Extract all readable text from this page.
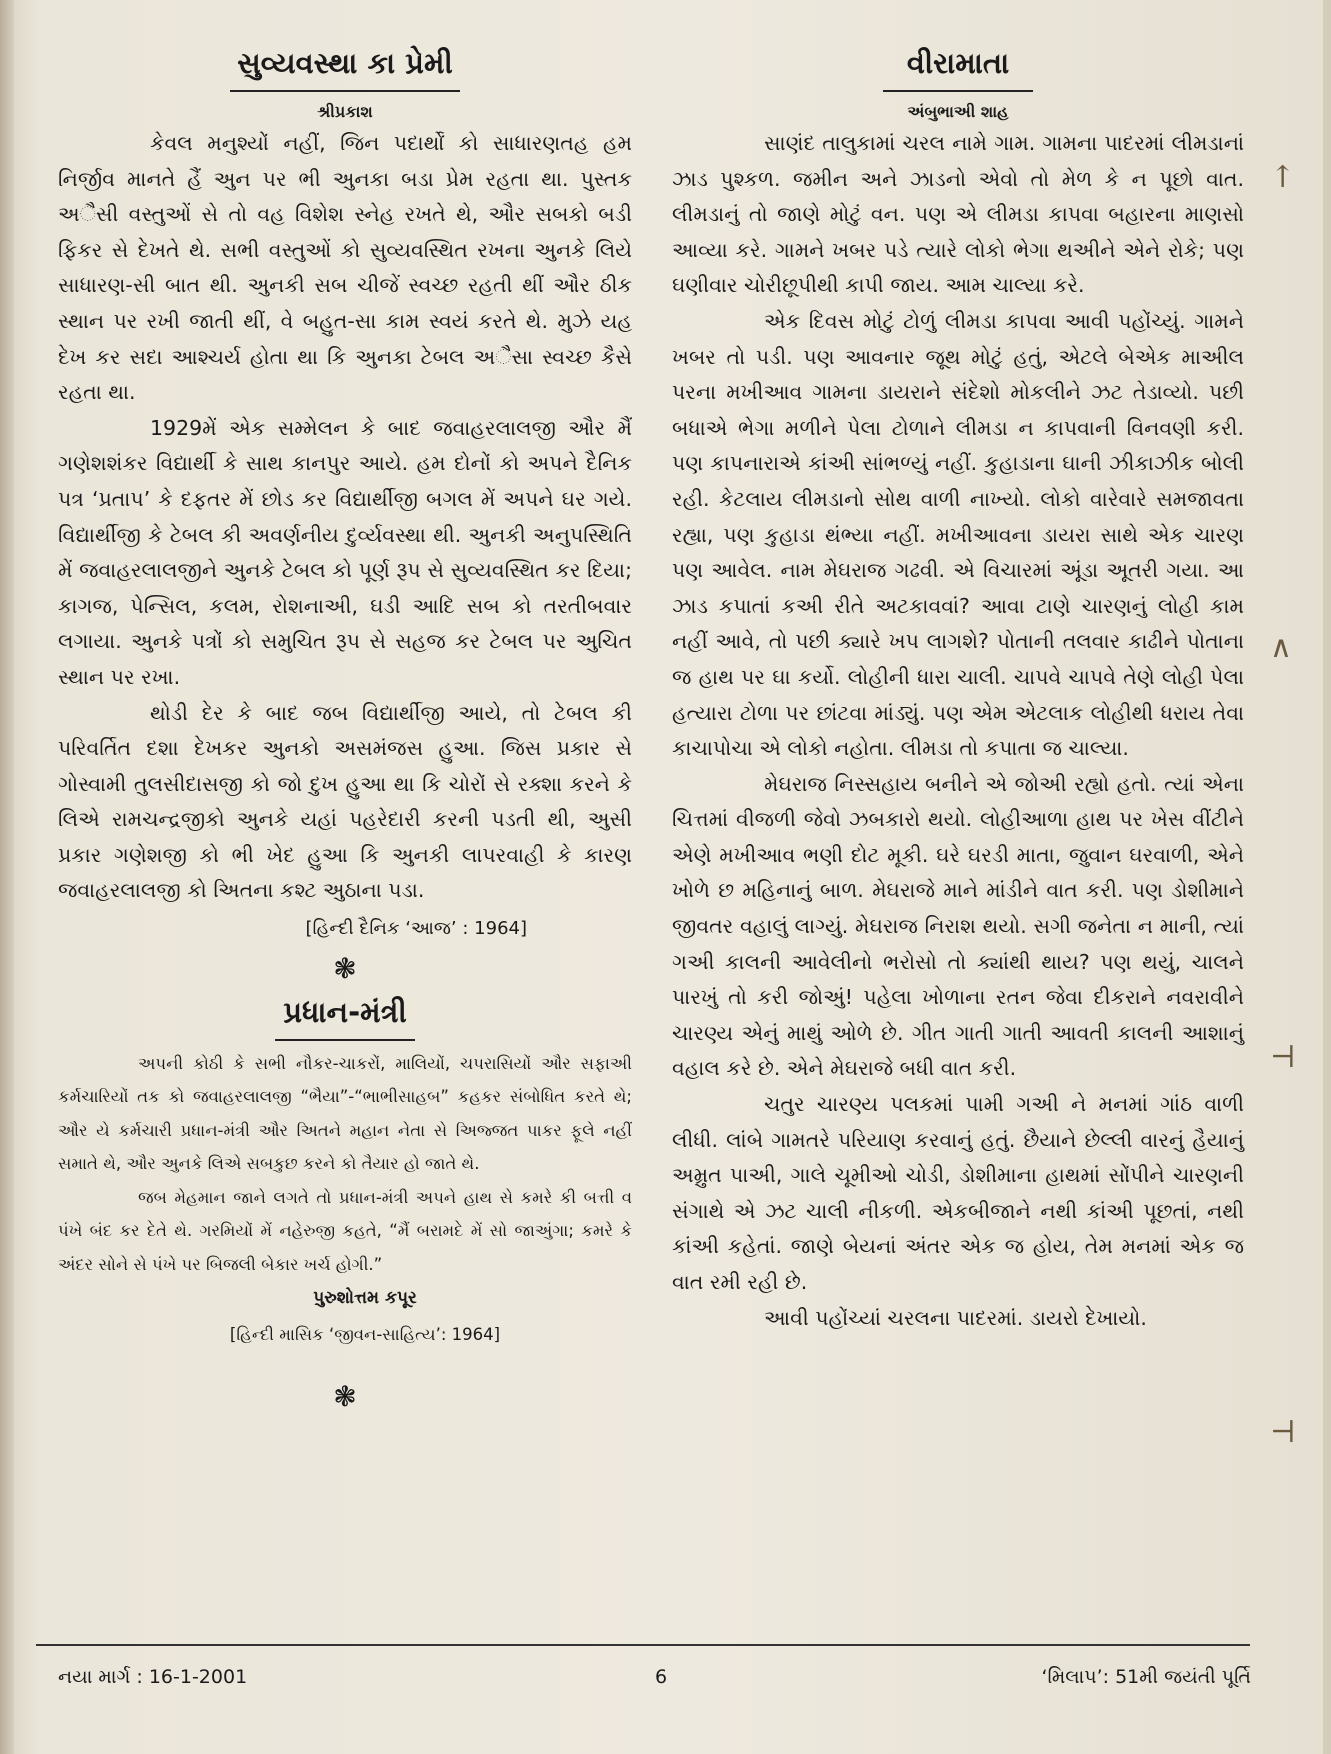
સુવ્યવસ્થા કા પ્રેમી

શ્રીપ્રકાશ

કેવલ મનુશ્યોં નહીં, જિન પદાર્થોં કો સાધારણતહ હમ નિર્જીવ માનતે હૈં અુન પર ભી અુનકા બડા પ્રેમ રહતા થા. પુસ્તક અૈસી વસ્તુઓં સે તો વહ વિશેશ સ્નેહ રખતે થે, ઔર સબકો બડી ફિકર સે દેખતે થે. સભી વસ્તુઓં કો સુવ્યવસ્થિત રખના અુનકે લિયે સાધારણ-સી બાત થી. અુનકી સબ ચીજેં સ્વચ્છ રહતી થીં ઔર ઠીક સ્થાન પર રખી જાતી થીં, વે બહુત-સા કામ સ્વયં કરતે થે. મુઝે યહ દેખ કર સદા આશ્ચર્ય હોતા થા કિ અુનકા ટેબલ અૈસા સ્વચ્છ કૈસે રહતા થા.

1929મેં એક સમ્મેલન કે બાદ જવાહરલાલજી ઔર મૈં ગણેશશંકર વિદ્યાર્થી કે સાથ કાનપુર આયે. હમ દોનોં કો અપને દૈનિક પત્ર ‘પ્રતાપ’ કે દફતર મેં છોડ કર વિદ્યાર્થીજી બગલ મેં અપને ઘર ગયે. વિદ્યાર્થીજી કે ટેબલ કી અવર્ણનીય દુર્વ્યવસ્થા થી. અુનકી અનુપસ્થિતિ મેં જવાહરલાલજીને અુનકે ટેબલ કો પૂર્ણ રૂપ સે સુવ્યવસ્થિત કર દિયા; કાગજ, પેન્સિલ, કલમ, રોશનાઅી, ઘડી આદિ સબ કો તરતીબવાર લગાયા. અુનકે પત્રોં કો સમુચિત રૂપ સે સહજ કર ટેબલ પર અુચિત સ્થાન પર રખા.

થોડી દેર કે બાદ જબ વિદ્યાર્થીજી આયે, તો ટેબલ કી પરિવર્તિત દશા દેખકર અુનકો અસમંજસ હુઆ. જિસ પ્રકાર સે ગોસ્વામી તુલસીદાસજી કો જો દુખ હુઆ થા કિ ચોરોં સે રક્શા કરને કે લિએ રામચન્દ્રજીકો અુનકે યહાં પહરેદારી કરની પડતી થી, અુસી પ્રકાર ગણેશજી કો ભી ખેદ હુઆ કિ અુનકી લાપરવાહી કે કારણ જવાહરલાલજી કો અિતના કશ્ટ અુઠાના પડા.

[હિન્દી દૈનિક ‘આજ’ : 1964]

❃

પ્રધાન-મંત્રી

અપની કોઠી કે સભી નૌકર-ચાકરોં, માલિયોં, ચપરાસિયોં ઔર સફાઅી કર્મચારિયોં તક કો જવાહરલાલજી “ભૈયા”-“ભાભીસાહબ” કહકર સંબોધિત કરતે થે; ઔર યે કર્મચારી પ્રધાન-મંત્રી ઔર અિતને મહાન નેતા સે અિજ્જત પાકર ફૂલે નહીં સમાતે થે, ઔર અુનકે લિએ સબકુછ કરને કો તૈયાર હો જાતે થે.

જબ મેહમાન જાને લગતે તો પ્રધાન-મંત્રી અપને હાથ સે કમરે કી બત્તી વ પંખે બંદ કર દેતે થે. ગરમિયોં મેં નહેરુજી કહતે, “મૈં બરામદે મેં સો જાઅુંગા; કમરે કે અંદર સોને સે પંખે પર બિજલી બેકાર ખર્ચ હોગી.”

પુરુશોત્તમ કપૂર

[હિન્દી માસિક ‘જીવન-સાહિત્ય’: 1964]

❃

વીરામાતા

અંબુભાઅી શાહ

સાણંદ તાલુકામાં ચરલ નામે ગામ. ગામના પાદરમાં લીમડાનાં ઝાડ પુશ્કળ. જમીન અને ઝાડનો એવો તો મેળ કે ન પૂછો વાત. લીમડાનું તો જાણે મોટું વન. પણ એ લીમડા કાપવા બહારના માણસો આવ્યા કરે. ગામને ખબર પડે ત્યારે લોકો ભેગા થઅીને એને રોકે; પણ ઘણીવાર ચોરીછૂપીથી કાપી જાય. આમ ચાલ્યા કરે.

એક દિવસ મોટું ટોળું લીમડા કાપવા આવી પહોંચ્યું. ગામને ખબર તો પડી. પણ આવનાર જૂથ મોટું હતું, એટલે બેએક માઅીલ પરના મખીઆવ ગામના ડાયરાને સંદેશો મોકલીને ઝટ તેડાવ્યો. પછી બધાએ ભેગા મળીને પેલા ટોળાને લીમડા ન કાપવાની વિનવણી કરી. પણ કાપનારાએ કાંઅી સાંભળ્યું નહીં. કુહાડાના ઘાની ઝીકાઝીક બોલી રહી. કેટલાય લીમડાનો સોથ વાળી નાખ્યો. લોકો વારેવારે સમજાવતા રહ્યા, પણ કુહાડા થંભ્યા નહીં. મખીઆવના ડાયરા સાથે એક ચારણ પણ આવેલ. નામ મેઘરાજ ગઢવી. એ વિચારમાં અૂંડા અૂતરી ગયા. આ ઝાડ કપાતાં કઅી રીતે અટકાવવાં? આવા ટાણે ચારણનું લોહી કામ નહીં આવે, તો પછી ક્યારે ખપ લાગશે? પોતાની તલવાર કાઢીને પોતાના જ હાથ પર ઘા કર્યો. લોહીની ધારા ચાલી. ચાપવે ચાપવે તેણે લોહી પેલા હત્યારા ટોળા પર છાંટવા માંડ્યું. પણ એમ એટલાક લોહીથી ધરાય તેવા કાચાપોચા એ લોકો નહોતા. લીમડા તો કપાતા જ ચાલ્યા.

મેઘરાજ નિસ્સહાય બનીને એ જોઅી રહ્યો હતો. ત્યાં એના ચિત્તમાં વીજળી જેવો ઝબકારો થયો. લોહીઆળા હાથ પર ખેસ વીંટીને એણે મખીઆવ ભણી દોટ મૂકી. ઘરે ઘરડી માતા, જુવાન ઘરવાળી, એને ખોળે છ મહિનાનું બાળ. મેઘરાજે માને માંડીને વાત કરી. પણ ડોશીમાને જીવતર વહાલું લાગ્યું. મેઘરાજ નિરાશ થયો. સગી જનેતા ન માની, ત્યાં ગઅી કાલની આવેલીનો ભરોસો તો ક્યાંથી થાય? પણ થયું, ચાલને પારખું તો કરી જોઅું! પહેલા ખોળાના રતન જેવા દીકરાને નવરાવીને ચારણ્ય એનું માથું ઓળે છે. ગીત ગાતી ગાતી આવતી કાલની આશાનું વહાલ કરે છે. એને મેઘરાજે બધી વાત કરી.

ચતુર ચારણ્ય પલકમાં પામી ગઅી ને મનમાં ગાંઠ વાળી લીધી. લાંબે ગામતરે પરિયાણ કરવાનું હતું. છૈયાને છેલ્લી વારનું હૈયાનું અમ્રુત પાઅી, ગાલે ચૂમીઓ ચોડી, ડોશીમાના હાથમાં સોંપીને ચારણની સંગાથે એ ઝટ ચાલી નીકળી. એકબીજાને નથી કાંઅી પૂછતાં, નથી કાંઅી કહેતાં. જાણે બેયનાં અંતર એક જ હોય, તેમ મનમાં એક જ વાત રમી રહી છે.

આવી પહોંચ્યાં ચરલના પાદરમાં. ડાયરો દેખાયો.

↑
∧
⊣
⊣
નયા માર્ગ : 16-1-2001	6	‘મિલાપ’: 51મી જયંતી પૂર્તિ
